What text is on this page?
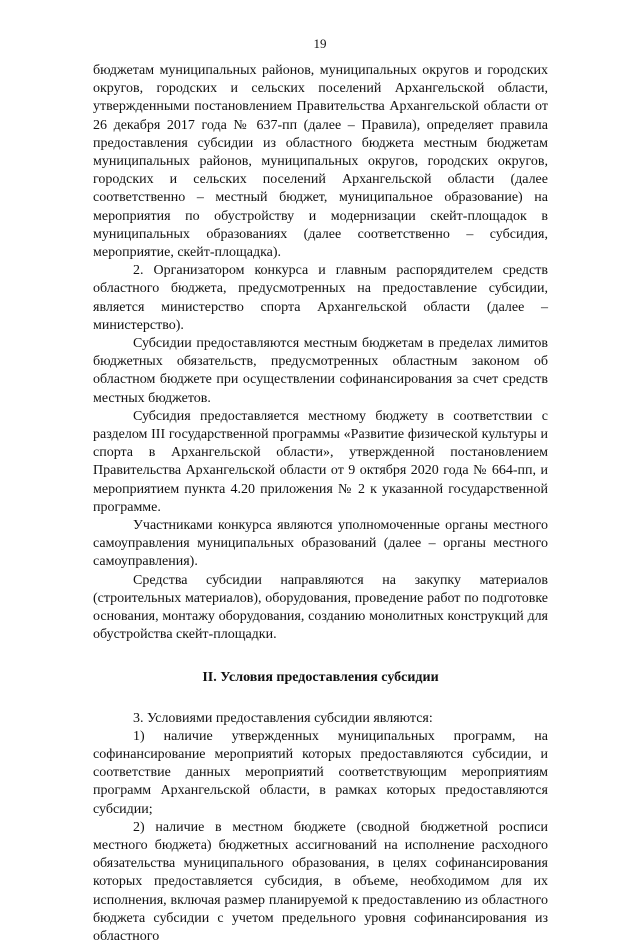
19

бюджетам муниципальных районов, муниципальных округов и городских округов, городских и сельских поселений Архангельской области, утвержденными постановлением Правительства Архангельской области от 26 декабря 2017 года № 637-пп (далее – Правила), определяет правила предоставления субсидии из областного бюджета местным бюджетам муниципальных районов, муниципальных округов, городских округов, городских и сельских поселений Архангельской области (далее соответственно – местный бюджет, муниципальное образование) на мероприятия по обустройству и модернизации скейт-площадок в муниципальных образованиях (далее соответственно – субсидия, мероприятие, скейт-площадка).

2. Организатором конкурса и главным распорядителем средств областного бюджета, предусмотренных на предоставление субсидии, является министерство спорта Архангельской области (далее – министерство).

Субсидии предоставляются местным бюджетам в пределах лимитов бюджетных обязательств, предусмотренных областным законом об областном бюджете при осуществлении софинансирования за счет средств местных бюджетов.

Субсидия предоставляется местному бюджету в соответствии с разделом III государственной программы «Развитие физической культуры и спорта в Архангельской области», утвержденной постановлением Правительства Архангельской области от 9 октября 2020 года № 664-пп, и мероприятием пункта 4.20 приложения № 2 к указанной государственной программе.

Участниками конкурса являются уполномоченные органы местного самоуправления муниципальных образований (далее – органы местного самоуправления).

Средства субсидии направляются на закупку материалов (строительных материалов), оборудования, проведение работ по подготовке основания, монтажу оборудования, созданию монолитных конструкций для обустройства скейт-площадки.

II. Условия предоставления субсидии

3. Условиями предоставления субсидии являются:

1) наличие утвержденных муниципальных программ, на софинансирование мероприятий которых предоставляются субсидии, и соответствие данных мероприятий соответствующим мероприятиям программ Архангельской области, в рамках которых предоставляются субсидии;

2) наличие в местном бюджете (сводной бюджетной росписи местного бюджета) бюджетных ассигнований на исполнение расходного обязательства муниципального образования, в целях софинансирования которых предоставляется субсидия, в объеме, необходимом для их исполнения, включая размер планируемой к предоставлению из областного бюджета субсидии с учетом предельного уровня софинансирования из областного
